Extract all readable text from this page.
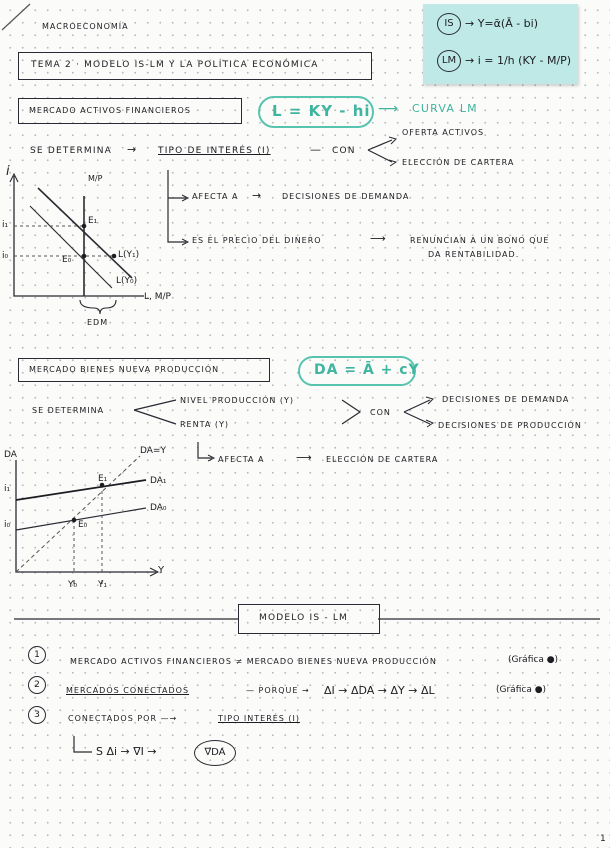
MACROECONOMÍA
TEMA 2 · MODELO IS-LM Y LA POLÍTICA ECONÓMICA
IS	→ Y=ᾱ(Ā - bi)
LM → i = 1/h (KY - M/P)
MERCADO ACTIVOS FINANCIEROS	L = KY - hi ⟶ CURVA LM
SE DETERMINA → TIPO DE INTERÉS (I)	— CON
OFERTA ACTIVOS
ELECCIÓN DE CARTERA
AFECTA A →	DECISIONES DE DEMANDA
ES EL PRECIO DEL DINERO	⟶	RENUNCIAN A UN BONO QUE
DA RENTABILIDAD.
i	M/P
i₁
i₀
E₁
E₀	L(Y₁)
L(Y₀)
L, M/P
EDM
MERCADO BIENES NUEVA PRODUCCIÓN	DA = Ā + cY
SE DETERMINA
NIVEL PRODUCCIÓN (Y)
RENTA (Y)
CON
DECISIONES DE DEMANDA
DECISIONES DE PRODUCCIÓN
AFECTA A	⟶ ELECCIÓN DE CARTERA
DA	DA=Y
DA₁
DA₀
E₁
E₀
i₁
i₀
Y₀ Y₁
Y
MODELO IS - LM
1
MERCADO ACTIVOS FINANCIEROS ≠ MERCADO BIENES NUEVA PRODUCCIÓN	(Gráfica ●)
2
MERCADOS CONECTADOS	— PORQUE → ΔI → ΔDA → ΔY → ΔL	(Gráfica ●)
3	CONECTADOS POR —→	TIPO INTERÉS (I)
S Δi → ∇I →	∇DA
1
